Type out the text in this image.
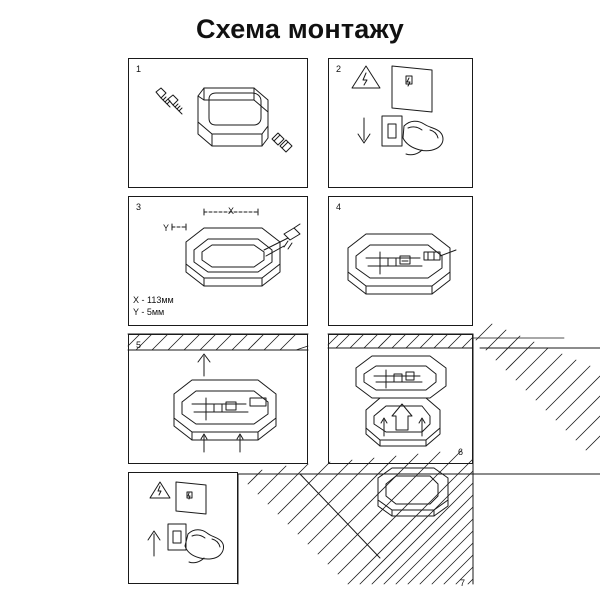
Схема монтажу
1	2
3	4
5
6
7
X - 113мм
Y - 5мм
X
Y
